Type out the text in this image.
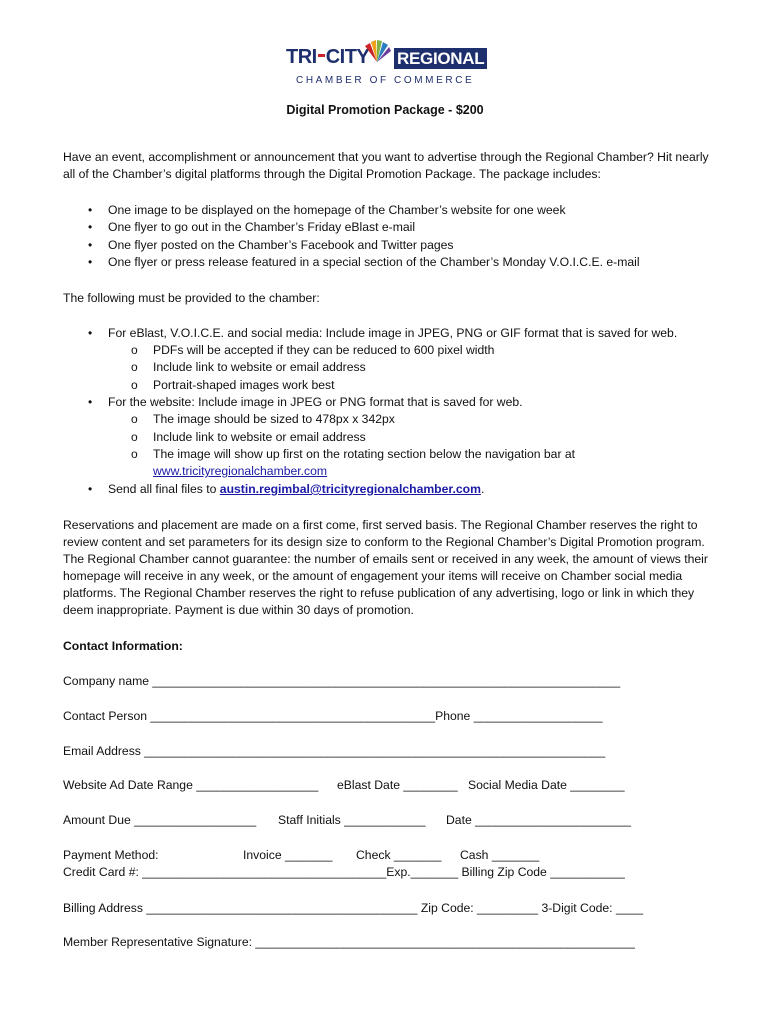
TRI CITY REGIONAL
CHAMBER OF COMMERCE
Digital Promotion Package - $200
Have an event, accomplishment or announcement that you want to advertise through the Regional Chamber? Hit nearly all of the Chamber’s digital platforms through the Digital Promotion Package. The package includes:
• One image to be displayed on the homepage of the Chamber’s website for one week
• One flyer to go out in the Chamber’s Friday eBlast e-mail
• One flyer posted on the Chamber’s Facebook and Twitter pages
• One flyer or press release featured in a special section of the Chamber’s Monday V.O.I.C.E. e-mail
The following must be provided to the chamber:
• For eBlast, V.O.I.C.E. and social media: Include image in JPEG, PNG or GIF format that is saved for web.
o PDFs will be accepted if they can be reduced to 600 pixel width
o Include link to website or email address
o Portrait-shaped images work best
• For the website: Include image in JPEG or PNG format that is saved for web.
o The image should be sized to 478px x 342px
o Include link to website or email address
o The image will show up first on the rotating section below the navigation bar at
www.tricityregionalchamber.com
• Send all final files to austin.regimbal@tricityregionalchamber.com.
Reservations and placement are made on a first come, first served basis. The Regional Chamber reserves the right to review content and set parameters for its design size to conform to the Regional Chamber’s Digital Promotion program. The Regional Chamber cannot guarantee: the number of emails sent or received in any week, the amount of views their homepage will receive in any week, or the amount of engagement your items will receive on Chamber social media platforms. The Regional Chamber reserves the right to refuse publication of any advertising, logo or link in which they deem inappropriate. Payment is due within 30 days of promotion.
Contact Information:
Company name _____________________________________________________________________
Contact Person __________________________________________Phone ___________________
Email Address ____________________________________________________________________
Website Ad Date Range __________________ eBlast Date ________ Social Media Date ________
Amount Due __________________ Staff Initials ____________ Date _______________________
Payment Method:	Invoice _______ Check _______ Cash _______
Credit Card #: ____________________________________Exp._______ Billing Zip Code ___________
Billing Address ________________________________________ Zip Code: _________ 3-Digit Code: ____
Member Representative Signature: ________________________________________________________
